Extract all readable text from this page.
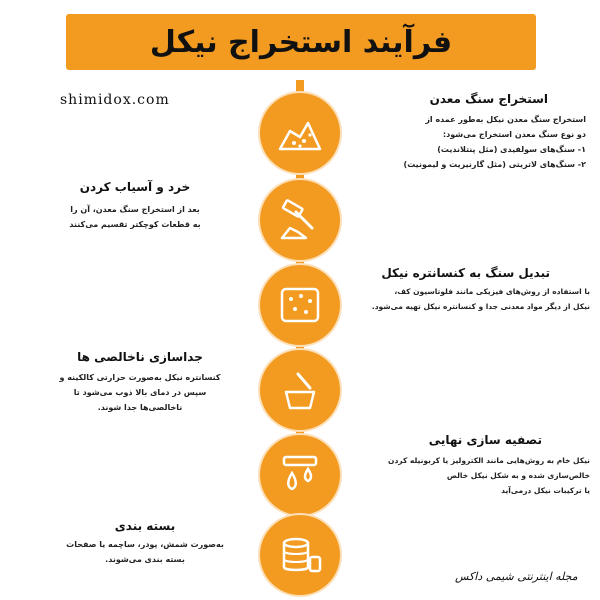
فرآیند استخراج نیکل
shimidox.com	استخراج سنگ معدن
استخراج سنگ معدن نیکل به‌طور عمده از
دو نوع سنگ معدن استخراج می‌شود:
۱- سنگ‌های سولفیدی (مثل پنتلاندیت)
۲- سنگ‌های لاتریتی (مثل گارنیریت و لیمونیت)
خرد و آسیاب کردن
بعد از استخراج سنگ معدن، آن را
به قطعات کوچکتر تقسیم می‌کنند
تبدیل سنگ به کنسانتره نیکل
با استفاده از روش‌های فیزیکی مانند فلوتاسیون کف،
نیکل از دیگر مواد معدنی جدا و کنسانتره نیکل تهیه می‌شود.
جداسازی ناخالصی ها
کنسانتره نیکل به‌صورت حرارتی کالکینه و
سپس در دمای بالا ذوب می‌شود تا
ناخالصی‌ها جدا شوند.
تصفیه سازی نهایی
نیکل خام به روش‌هایی مانند الکترولیز یا کربونیله کردن
خالص‌سازی شده و به شکل نیکل خالص
یا ترکیبات نیکل درمی‌آید
بسته بندی
به‌صورت شمش، پودر، ساچمه یا صفحات
بسته بندی می‌شوند.
مجله اینترنتی شیمی داکس
